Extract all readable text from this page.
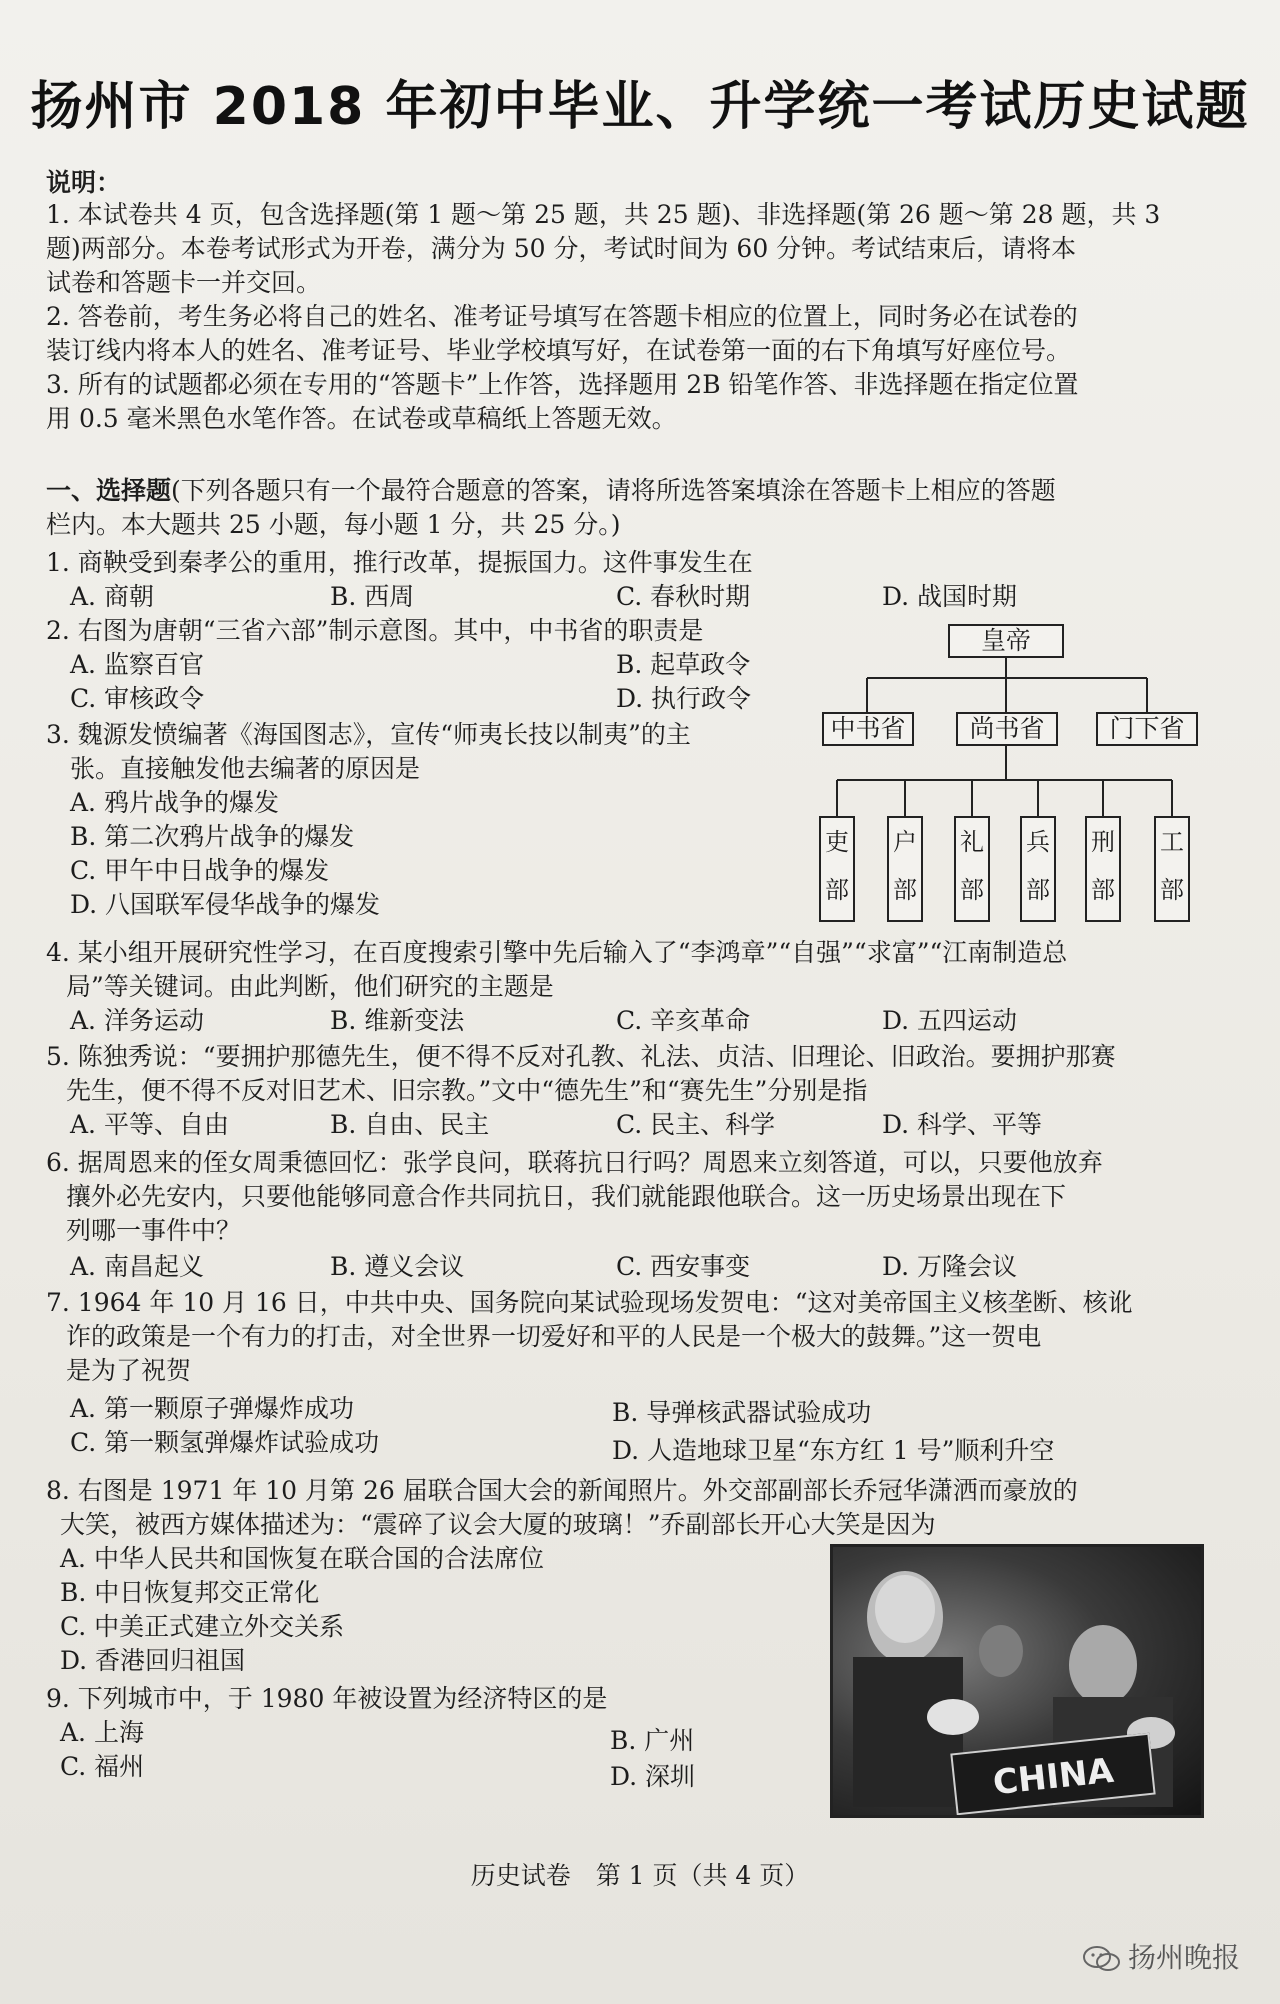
扬州市 2018 年初中毕业、升学统一考试历史试题
说明：
1. 本试卷共 4 页，包含选择题(第 1 题～第 25 题，共 25 题)、非选择题(第 26 题～第 28 题，共 3
题)两部分。本卷考试形式为开卷，满分为 50 分，考试时间为 60 分钟。考试结束后，请将本
试卷和答题卡一并交回。
2. 答卷前，考生务必将自己的姓名、准考证号填写在答题卡相应的位置上，同时务必在试卷的
装订线内将本人的姓名、准考证号、毕业学校填写好，在试卷第一面的右下角填写好座位号。
3. 所有的试题都必须在专用的“答题卡”上作答，选择题用 2B 铅笔作答、非选择题在指定位置
用 0.5 毫米黑色水笔作答。在试卷或草稿纸上答题无效。
一、选择题(下列各题只有一个最符合题意的答案，请将所选答案填涂在答题卡上相应的答题
栏内。本大题共 25 小题，每小题 1 分，共 25 分。)
1. 商鞅受到秦孝公的重用，推行改革，提振国力。这件事发生在
A. 商朝	B. 西周	C. 春秋时期	D. 战国时期
2. 右图为唐朝“三省六部”制示意图。其中，中书省的职责是
A. 监察百官	B. 起草政令
C. 审核政令	D. 执行政令
3. 魏源发愤编著《海国图志》，宣传“师夷长技以制夷”的主
张。直接触发他去编著的原因是
A. 鸦片战争的爆发
B. 第二次鸦片战争的爆发
C. 甲午中日战争的爆发
D. 八国联军侵华战争的爆发
4. 某小组开展研究性学习，在百度搜索引擎中先后输入了“李鸿章”“自强”“求富”“江南制造总
局”等关键词。由此判断，他们研究的主题是
A. 洋务运动	B. 维新变法	C. 辛亥革命	D. 五四运动
5. 陈独秀说：“要拥护那德先生，便不得不反对孔教、礼法、贞洁、旧理论、旧政治。要拥护那赛
先生，便不得不反对旧艺术、旧宗教。”文中“德先生”和“赛先生”分别是指
A. 平等、自由	B. 自由、民主	C. 民主、科学	D. 科学、平等
6. 据周恩来的侄女周秉德回忆：张学良问，联蒋抗日行吗？周恩来立刻答道，可以，只要他放弃
攘外必先安内，只要他能够同意合作共同抗日，我们就能跟他联合。这一历史场景出现在下
列哪一事件中？
A. 南昌起义	B. 遵义会议	C. 西安事变	D. 万隆会议
7. 1964 年 10 月 16 日，中共中央、国务院向某试验现场发贺电：“这对美帝国主义核垄断、核讹
诈的政策是一个有力的打击，对全世界一切爱好和平的人民是一个极大的鼓舞。”这一贺电
是为了祝贺
A. 第一颗原子弹爆炸成功	B. 导弹核武器试验成功
C. 第一颗氢弹爆炸试验成功	D. 人造地球卫星“东方红 1 号”顺利升空
8. 右图是 1971 年 10 月第 26 届联合国大会的新闻照片。外交部副部长乔冠华潇洒而豪放的
大笑，被西方媒体描述为：“震碎了议会大厦的玻璃！”乔副部长开心大笑是因为
A. 中华人民共和国恢复在联合国的合法席位
B. 中日恢复邦交正常化
C. 中美正式建立外交关系
D. 香港回归祖国
9. 下列城市中，于 1980 年被设置为经济特区的是
A. 上海	B. 广州
C. 福州	D. 深圳
皇帝
中书省	尚书省	门下省
吏
部
户
部
礼
部
兵
部
刑
部
工
部
CHINA
历史试卷　第 1 页（共 4 页）
扬州晚报
